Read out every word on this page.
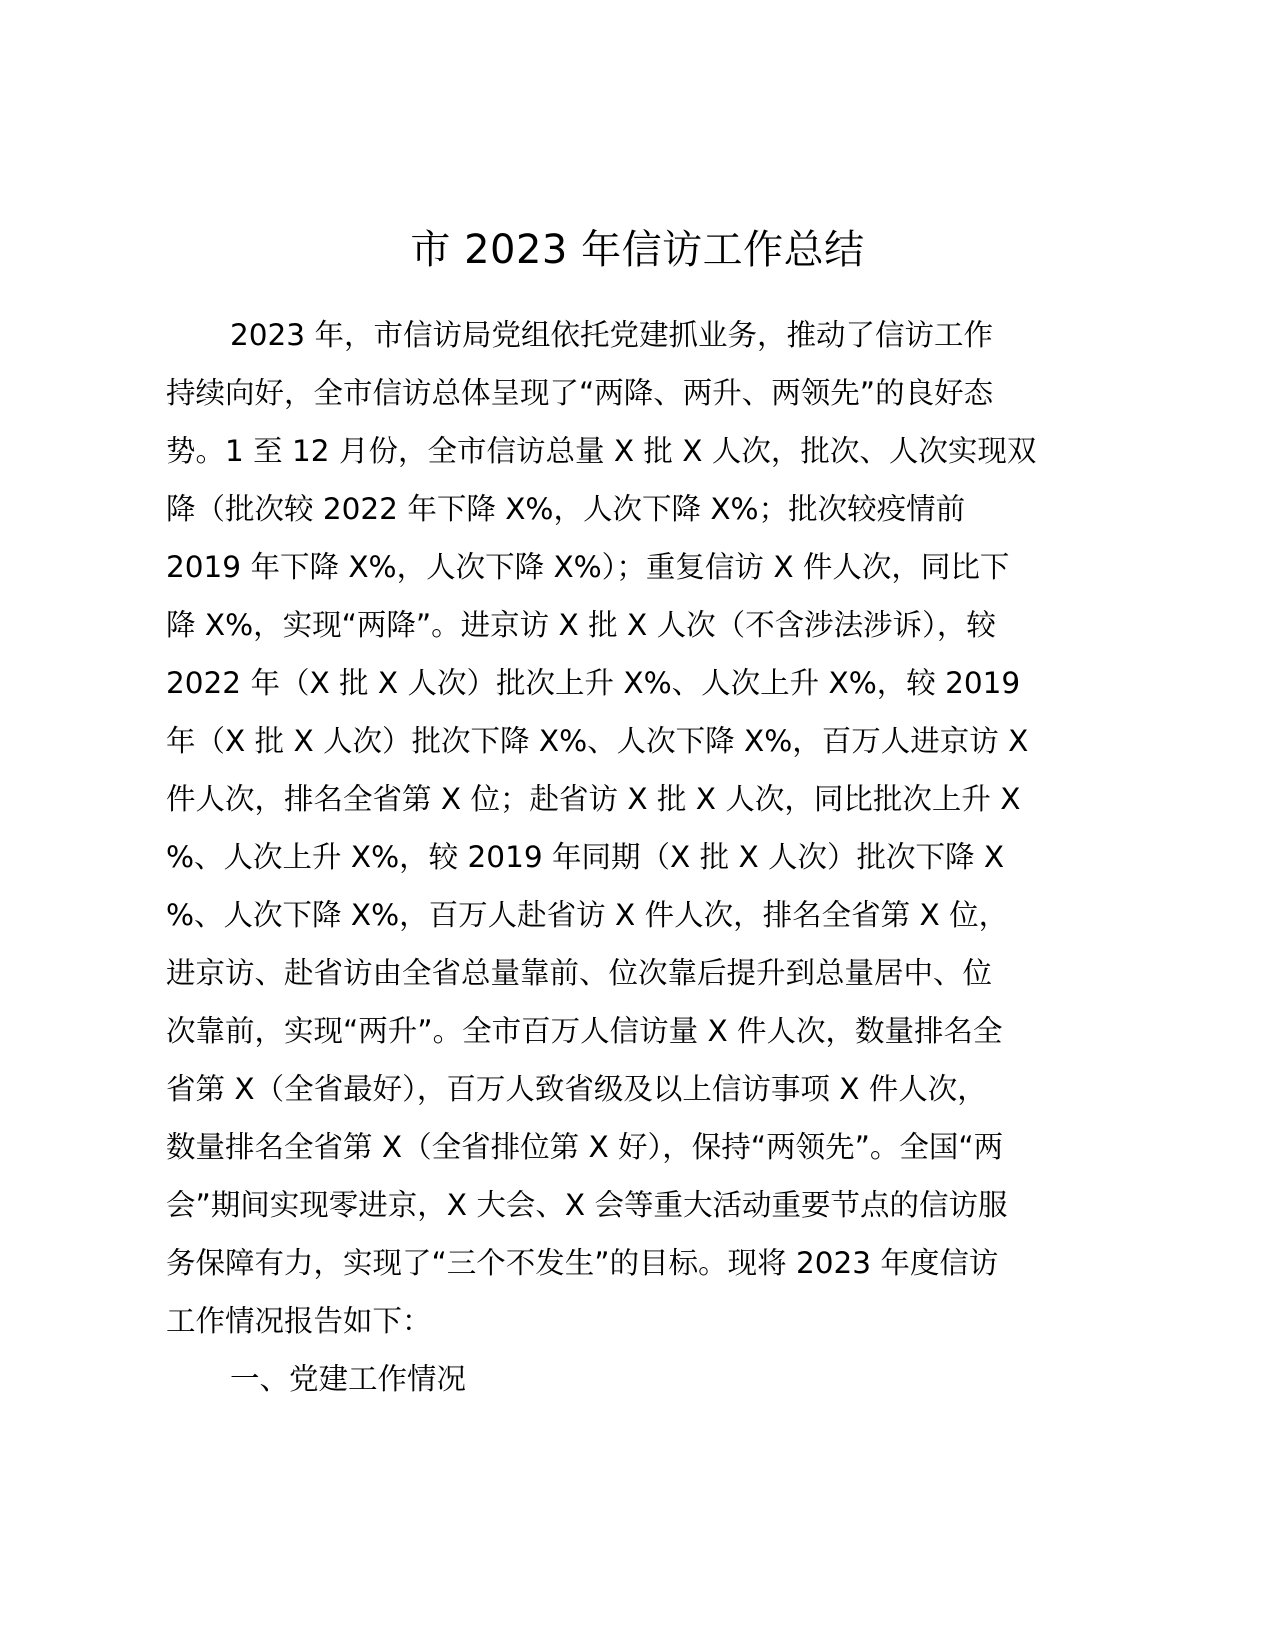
市 2023 年信访工作总结
2023 年，市信访局党组依托党建抓业务，推动了信访工作
持续向好，全市信访总体呈现了“两降、两升、两领先”的良好态
势。1 至 12 月份，全市信访总量 X 批 X 人次，批次、人次实现双
降（批次较 2022 年下降 X%，人次下降 X%；批次较疫情前
2019 年下降 X%，人次下降 X%）；重复信访 X 件人次，同比下
降 X%，实现“两降”。进京访 X 批 X 人次（不含涉法涉诉），较
2022 年（X 批 X 人次）批次上升 X%、人次上升 X%，较 2019
年（X 批 X 人次）批次下降 X%、人次下降 X%，百万人进京访 X
件人次，排名全省第 X 位；赴省访 X 批 X 人次，同比批次上升 X
%、人次上升 X%，较 2019 年同期（X 批 X 人次）批次下降 X
%、人次下降 X%，百万人赴省访 X 件人次，排名全省第 X 位，
进京访、赴省访由全省总量靠前、位次靠后提升到总量居中、位
次靠前，实现“两升”。全市百万人信访量 X 件人次，数量排名全
省第 X（全省最好），百万人致省级及以上信访事项 X 件人次，
数量排名全省第 X（全省排位第 X 好），保持“两领先”。全国“两
会”期间实现零进京，X 大会、X 会等重大活动重要节点的信访服
务保障有力，实现了“三个不发生”的目标。现将 2023 年度信访
工作情况报告如下：
一、党建工作情况
